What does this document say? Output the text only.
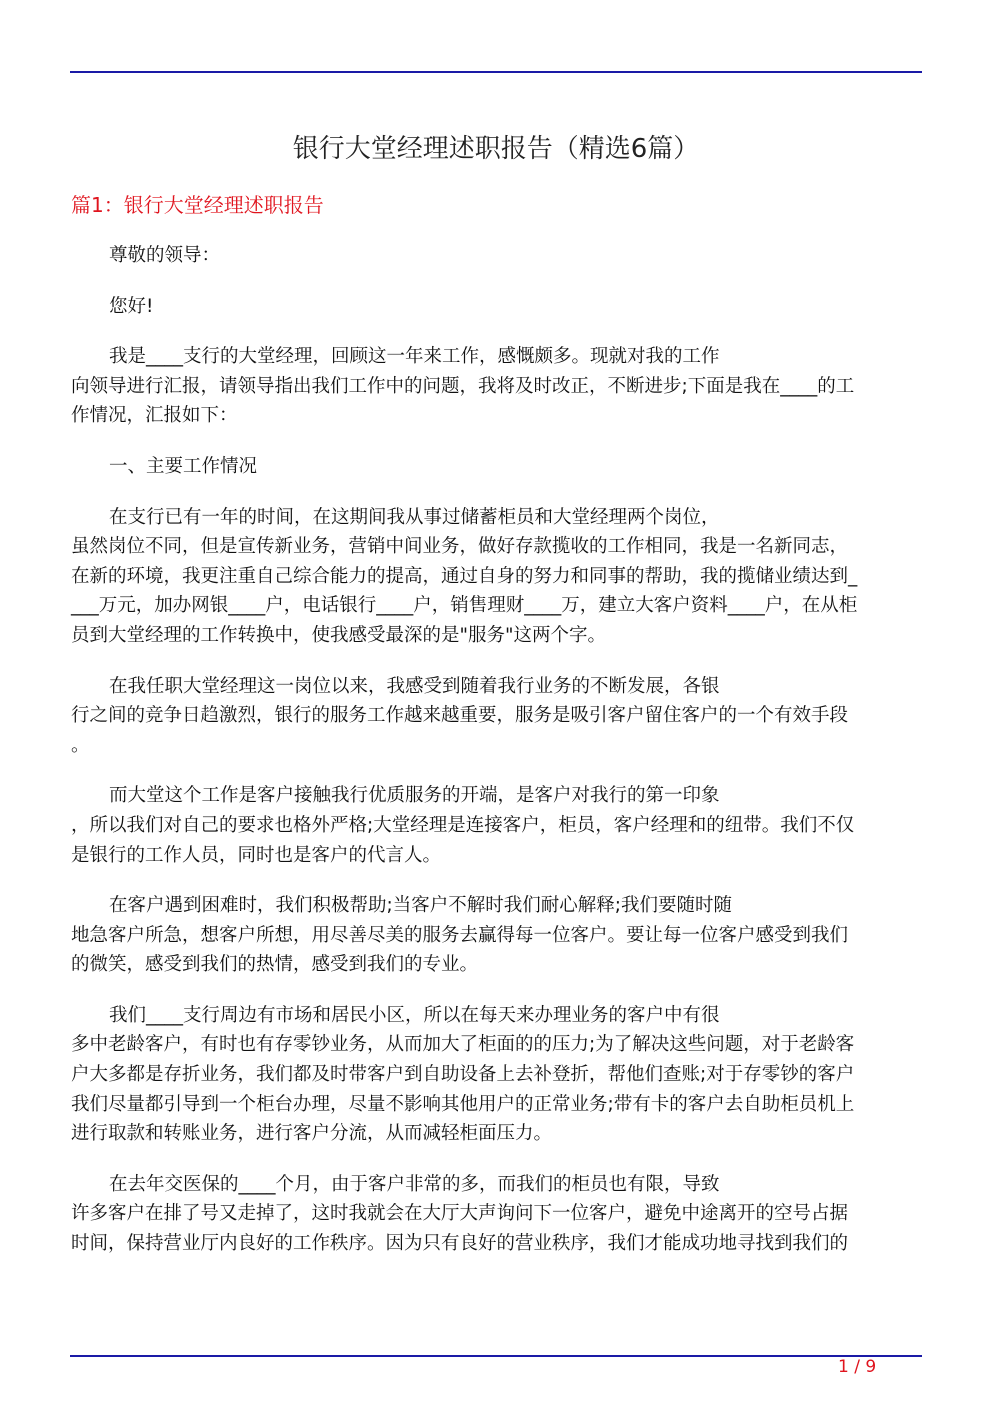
银行大堂经理述职报告（精选6篇）
篇1：银行大堂经理述职报告
尊敬的领导：
您好!
我是____支行的大堂经理，回顾这一年来工作，感慨颇多。现就对我的工作
向领导进行汇报，请领导指出我们工作中的问题，我将及时改正，不断进步;下面是我在____的工
作情况，汇报如下：
一、主要工作情况
在支行已有一年的时间，在这期间我从事过储蓄柜员和大堂经理两个岗位，
虽然岗位不同，但是宣传新业务，营销中间业务，做好存款揽收的工作相同，我是一名新同志，
在新的环境，我更注重自己综合能力的提高，通过自身的努力和同事的帮助，我的揽储业绩达到_
___万元，加办网银____户，电话银行____户，销售理财____万，建立大客户资料____户，在从柜
员到大堂经理的工作转换中，使我感受最深的是"服务"这两个字。
在我任职大堂经理这一岗位以来，我感受到随着我行业务的不断发展，各银
行之间的竞争日趋激烈，银行的服务工作越来越重要，服务是吸引客户留住客户的一个有效手段
。
而大堂这个工作是客户接触我行优质服务的开端，是客户对我行的第一印象
，所以我们对自己的要求也格外严格;大堂经理是连接客户，柜员，客户经理和的纽带。我们不仅
是银行的工作人员，同时也是客户的代言人。
在客户遇到困难时，我们积极帮助;当客户不解时我们耐心解释;我们要随时随
地急客户所急，想客户所想，用尽善尽美的服务去赢得每一位客户。要让每一位客户感受到我们
的微笑，感受到我们的热情，感受到我们的专业。
我们____支行周边有市场和居民小区，所以在每天来办理业务的客户中有很
多中老龄客户，有时也有存零钞业务，从而加大了柜面的的压力;为了解决这些问题，对于老龄客
户大多都是存折业务，我们都及时带客户到自助设备上去补登折，帮他们查账;对于存零钞的客户
我们尽量都引导到一个柜台办理，尽量不影响其他用户的正常业务;带有卡的客户去自助柜员机上
进行取款和转账业务，进行客户分流，从而减轻柜面压力。
在去年交医保的____个月，由于客户非常的多，而我们的柜员也有限，导致
许多客户在排了号又走掉了，这时我就会在大厅大声询问下一位客户，避免中途离开的空号占据
时间，保持营业厅内良好的工作秩序。因为只有良好的营业秩序，我们才能成功地寻找到我们的
1 / 9
